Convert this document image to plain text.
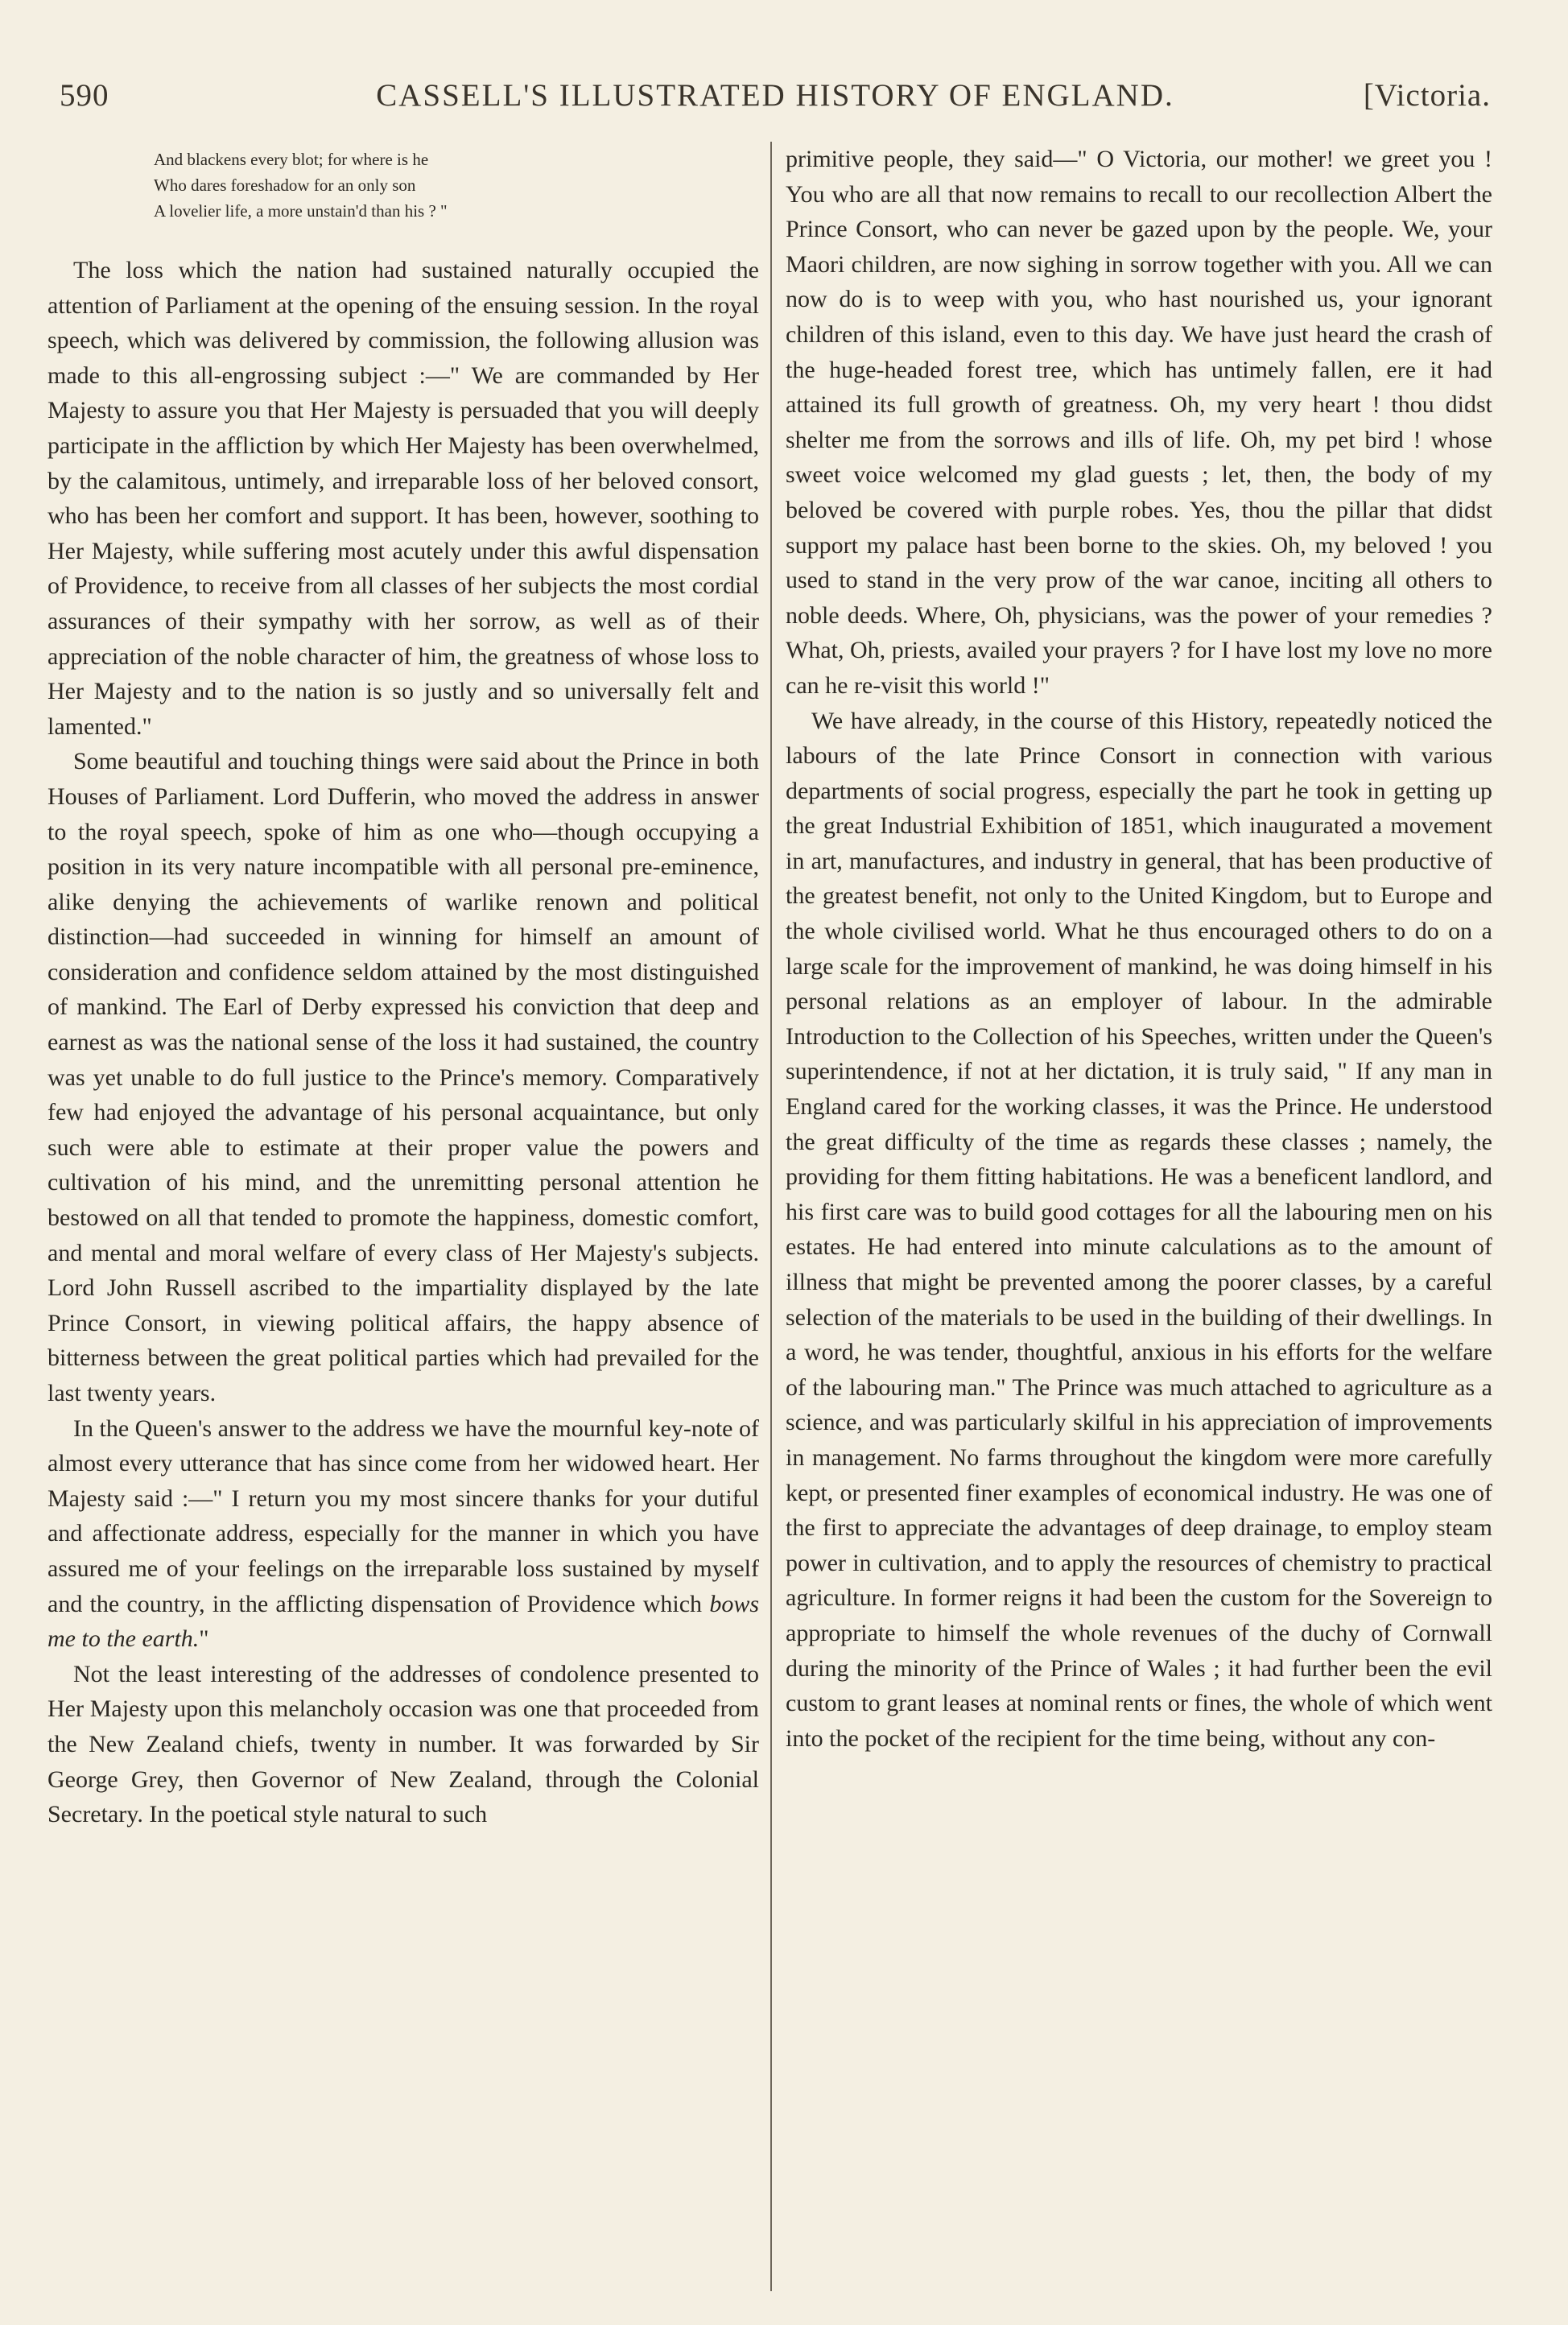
590	CASSELL'S ILLUSTRATED HISTORY OF ENGLAND.	[Victoria.
And blackens every blot; for where is he
Who dares foreshadow for an only son
A lovelier life, a more unstain'd than his ? "

The loss which the nation had sustained naturally occupied the attention of Parliament at the opening of the ensuing session. In the royal speech, which was delivered by commission, the following allusion was made to this all-engrossing subject :—" We are commanded by Her Majesty to assure you that Her Majesty is persuaded that you will deeply participate in the affliction by which Her Majesty has been overwhelmed, by the calamitous, untimely, and irreparable loss of her beloved consort, who has been her comfort and support. It has been, however, soothing to Her Majesty, while suffering most acutely under this awful dispensation of Providence, to receive from all classes of her subjects the most cordial assurances of their sympathy with her sorrow, as well as of their appreciation of the noble character of him, the greatness of whose loss to Her Majesty and to the nation is so justly and so universally felt and lamented."

Some beautiful and touching things were said about the Prince in both Houses of Parliament. Lord Dufferin, who moved the address in answer to the royal speech, spoke of him as one who—though occupying a position in its very nature incompatible with all personal pre-eminence, alike denying the achievements of warlike renown and political distinction—had succeeded in winning for himself an amount of consideration and confidence seldom attained by the most distinguished of mankind. The Earl of Derby expressed his conviction that deep and earnest as was the national sense of the loss it had sustained, the country was yet unable to do full justice to the Prince's memory. Comparatively few had enjoyed the advantage of his personal acquaintance, but only such were able to estimate at their proper value the powers and cultivation of his mind, and the unremitting personal attention he bestowed on all that tended to promote the happiness, domestic comfort, and mental and moral welfare of every class of Her Majesty's subjects. Lord John Russell ascribed to the impartiality displayed by the late Prince Consort, in viewing political affairs, the happy absence of bitterness between the great political parties which had prevailed for the last twenty years.

In the Queen's answer to the address we have the mournful key-note of almost every utterance that has since come from her widowed heart. Her Majesty said :—" I return you my most sincere thanks for your dutiful and affectionate address, especially for the manner in which you have assured me of your feelings on the irreparable loss sustained by myself and the country, in the afflicting dispensation of Providence which bows me to the earth."

Not the least interesting of the addresses of condolence presented to Her Majesty upon this melancholy occasion was one that proceeded from the New Zealand chiefs, twenty in number. It was forwarded by Sir George Grey, then Governor of New Zealand, through the Colonial Secretary. In the poetical style natural to such

primitive people, they said—" O Victoria, our mother! we greet you ! You who are all that now remains to recall to our recollection Albert the Prince Consort, who can never be gazed upon by the people. We, your Maori children, are now sighing in sorrow together with you. All we can now do is to weep with you, who hast nourished us, your ignorant children of this island, even to this day. We have just heard the crash of the huge-headed forest tree, which has untimely fallen, ere it had attained its full growth of greatness. Oh, my very heart ! thou didst shelter me from the sorrows and ills of life. Oh, my pet bird ! whose sweet voice welcomed my glad guests ; let, then, the body of my beloved be covered with purple robes. Yes, thou the pillar that didst support my palace hast been borne to the skies. Oh, my beloved ! you used to stand in the very prow of the war canoe, inciting all others to noble deeds. Where, Oh, physicians, was the power of your remedies ? What, Oh, priests, availed your prayers ? for I have lost my love no more can he re-visit this world !"

We have already, in the course of this History, repeatedly noticed the labours of the late Prince Consort in connection with various departments of social progress, especially the part he took in getting up the great Industrial Exhibition of 1851, which inaugurated a movement in art, manufactures, and industry in general, that has been productive of the greatest benefit, not only to the United Kingdom, but to Europe and the whole civilised world. What he thus encouraged others to do on a large scale for the improvement of mankind, he was doing himself in his personal relations as an employer of labour. In the admirable Introduction to the Collection of his Speeches, written under the Queen's superintendence, if not at her dictation, it is truly said, " If any man in England cared for the working classes, it was the Prince. He understood the great difficulty of the time as regards these classes ; namely, the providing for them fitting habitations. He was a beneficent landlord, and his first care was to build good cottages for all the labouring men on his estates. He had entered into minute calculations as to the amount of illness that might be prevented among the poorer classes, by a careful selection of the materials to be used in the building of their dwellings. In a word, he was tender, thoughtful, anxious in his efforts for the welfare of the labouring man." The Prince was much attached to agriculture as a science, and was particularly skilful in his appreciation of improvements in management. No farms throughout the kingdom were more carefully kept, or presented finer examples of economical industry. He was one of the first to appreciate the advantages of deep drainage, to employ steam power in cultivation, and to apply the resources of chemistry to practical agriculture. In former reigns it had been the custom for the Sovereign to appropriate to himself the whole revenues of the duchy of Cornwall during the minority of the Prince of Wales ; it had further been the evil custom to grant leases at nominal rents or fines, the whole of which went into the pocket of the recipient for the time being, without any con-
